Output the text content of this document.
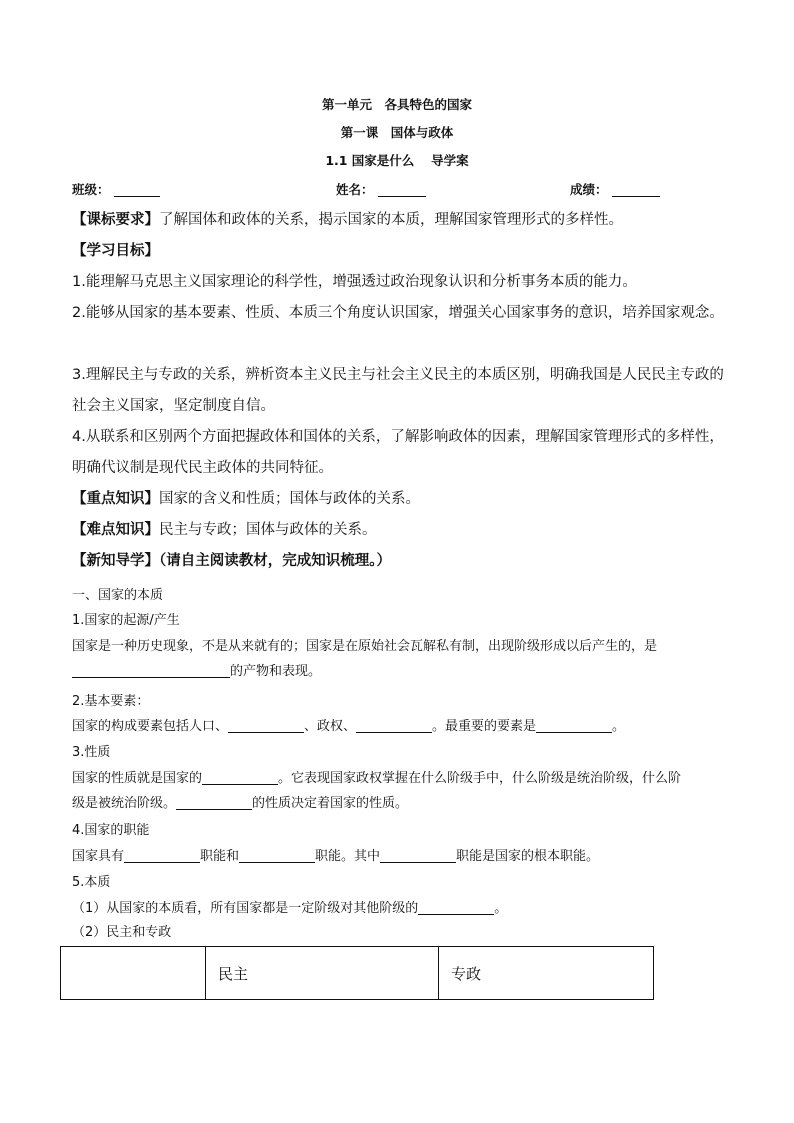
第一单元　各具特色的国家
第一课　国体与政体
1.1 国家是什么　 导学案
班级：	姓名：	成绩：
【课标要求】了解国体和政体的关系，揭示国家的本质，理解国家管理形式的多样性。
【学习目标】
1.能理解马克思主义国家理论的科学性，增强透过政治现象认识和分析事务本质的能力。
2.能够从国家的基本要素、性质、本质三个角度认识国家，增强关心国家事务的意识，培养国家观念。
3.理解民主与专政的关系，辨析资本主义民主与社会主义民主的本质区别，明确我国是人民民主专政的社会主义国家，坚定制度自信。
4.从联系和区别两个方面把握政体和国体的关系，了解影响政体的因素，理解国家管理形式的多样性，明确代议制是现代民主政体的共同特征。
【重点知识】国家的含义和性质；国体与政体的关系。
【难点知识】民主与专政；国体与政体的关系。
【新知导学】（请自主阅读教材，完成知识梳理。）
一、国家的本质
1.国家的起源/产生
国家是一种历史现象，不是从来就有的；国家是在原始社会瓦解私有制，出现阶级形成以后产生的，是
的产物和表现。
2.基本要素：
国家的构成要素包括人口、	、政权、	。最重要的要素是	。
3.性质
国家的性质就是国家的	。它表现国家政权掌握在什么阶级手中，什么阶级是统治阶级，什么阶
级是被统治阶级。	的性质决定着国家的性质。
4.国家的职能
国家具有	职能和	职能。其中	职能是国家的根本职能。
5.本质
（1）从国家的本质看，所有国家都是一定阶级对其他阶级的	。
（2）民主和专政
	民主	专政
